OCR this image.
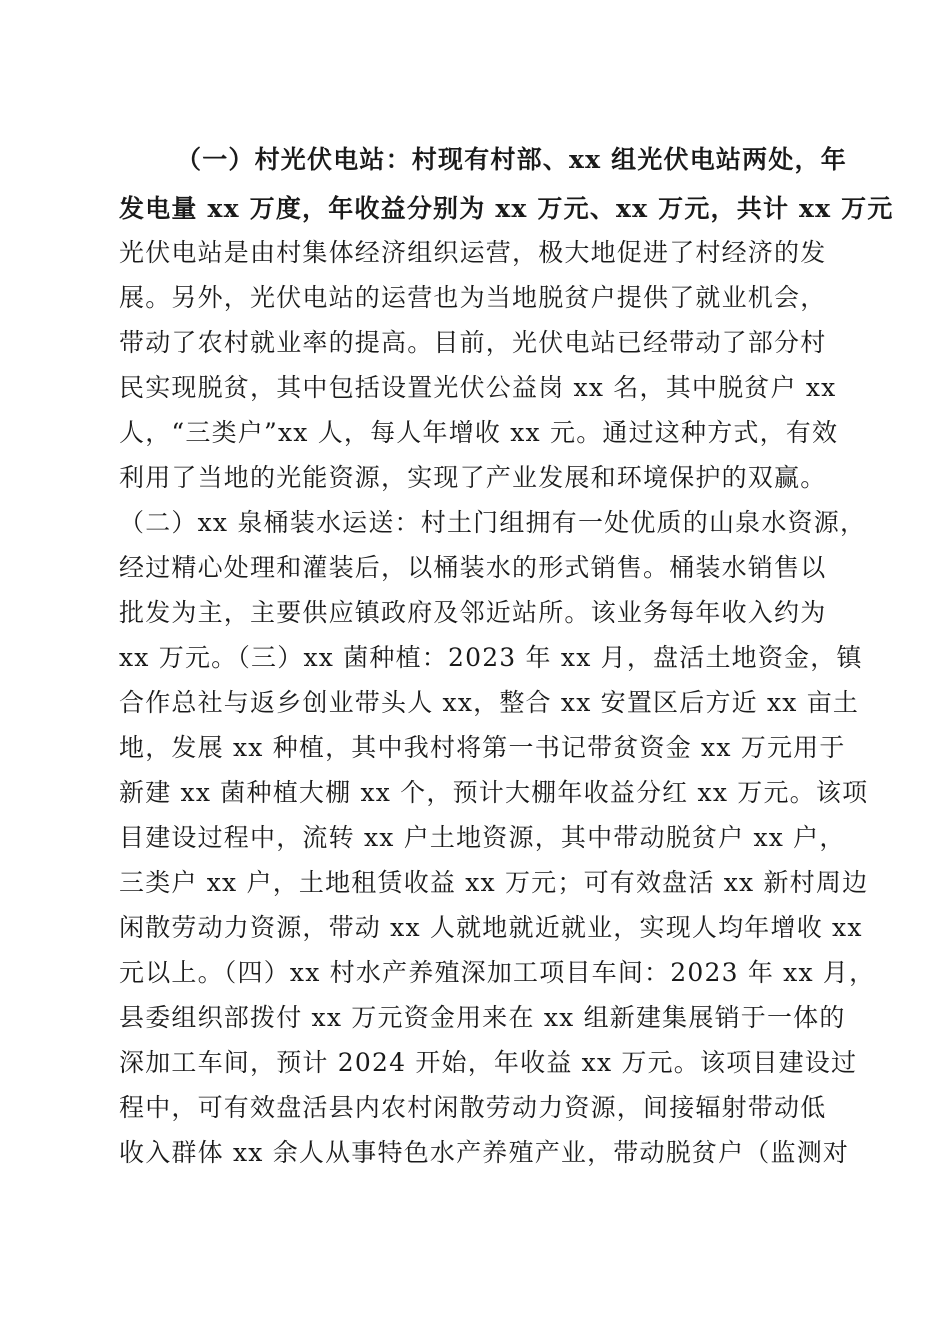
（一）村光伏电站：村现有村部、xx 组光伏电站两处，年
发电量 xx 万度，年收益分别为 xx 万元、xx 万元，共计 xx 万元
光伏电站是由村集体经济组织运营，极大地促进了村经济的发
展。另外，光伏电站的运营也为当地脱贫户提供了就业机会，
带动了农村就业率的提高。目前，光伏电站已经带动了部分村
民实现脱贫，其中包括设置光伏公益岗 xx 名，其中脱贫户 xx
人，“三类户”xx 人，每人年增收 xx 元。通过这种方式，有效
利用了当地的光能资源，实现了产业发展和环境保护的双赢。
（二）xx 泉桶装水运送：村土门组拥有一处优质的山泉水资源，
经过精心处理和灌装后，以桶装水的形式销售。桶装水销售以
批发为主，主要供应镇政府及邻近站所。该业务每年收入约为
xx 万元。（三）xx 菌种植：2023 年 xx 月，盘活土地资金，镇
合作总社与返乡创业带头人 xx，整合 xx 安置区后方近 xx 亩土
地，发展 xx 种植，其中我村将第一书记带贫资金 xx 万元用于
新建 xx 菌种植大棚 xx 个，预计大棚年收益分红 xx 万元。该项
目建设过程中，流转 xx 户土地资源，其中带动脱贫户 xx 户，
三类户 xx 户，土地租赁收益 xx 万元；可有效盘活 xx 新村周边
闲散劳动力资源，带动 xx 人就地就近就业，实现人均年增收 xx
元以上。（四）xx 村水产养殖深加工项目车间：2023 年 xx 月，
县委组织部拨付 xx 万元资金用来在 xx 组新建集展销于一体的
深加工车间，预计 2024 开始，年收益 xx 万元。该项目建设过
程中，可有效盘活县内农村闲散劳动力资源，间接辐射带动低
收入群体 xx 余人从事特色水产养殖产业，带动脱贫户（监测对
